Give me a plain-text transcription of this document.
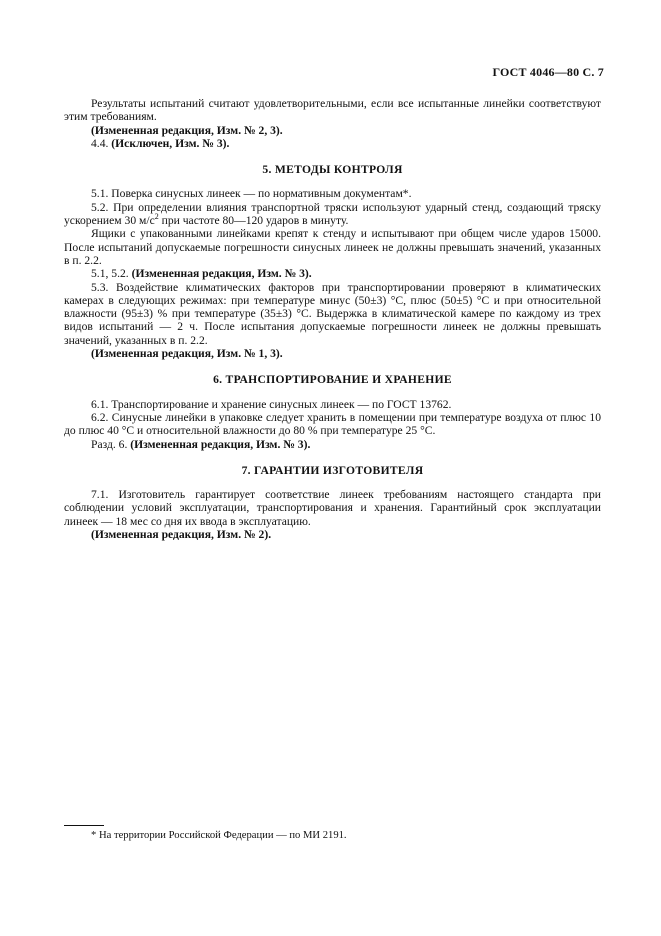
ГОСТ 4046—80 С. 7

Результаты испытаний считают удовлетворительными, если все испытанные линейки соответствуют этим требованиям.

(Измененная редакция, Изм. № 2, 3).

4.4. (Исключен, Изм. № 3).

5. МЕТОДЫ КОНТРОЛЯ

5.1. Поверка синусных линеек — по нормативным документам*.

5.2. При определении влияния транспортной тряски используют ударный стенд, создающий тряску ускорением 30 $м/с^2$ при частоте 80—120 ударов в минуту.

Ящики с упакованными линейками крепят к стенду и испытывают при общем числе ударов 15000. После испытаний допускаемые погрешности синусных линеек не должны превышать значений, указанных в п. 2.2.

5.1, 5.2. (Измененная редакция, Изм. № 3).

5.3. Воздействие климатических факторов при транспортировании проверяют в климатических камерах в следующих режимах: при температуре минус (50±3) °С, плюс (50±5) °С и при относительной влажности (95±3) % при температуре (35±3) °С. Выдержка в климатической камере по каждому из трех видов испытаний — 2 ч. После испытания допускаемые погрешности линеек не должны превышать значений, указанных в п. 2.2.

(Измененная редакция, Изм. № 1, 3).

6. ТРАНСПОРТИРОВАНИЕ И ХРАНЕНИЕ

6.1. Транспортирование и хранение синусных линеек — по ГОСТ 13762.

6.2. Синусные линейки в упаковке следует хранить в помещении при температуре воздуха от плюс 10 до плюс 40 °С и относительной влажности до 80 % при температуре 25 °С.

Разд. 6. (Измененная редакция, Изм. № 3).

7. ГАРАНТИИ ИЗГОТОВИТЕЛЯ

7.1. Изготовитель гарантирует соответствие линеек требованиям настоящего стандарта при соблюдении условий эксплуатации, транспортирования и хранения. Гарантийный срок эксплуатации линеек — 18 мес со дня их ввода в эксплуатацию.

(Измененная редакция, Изм. № 2).

* На территории Российской Федерации — по МИ 2191.
